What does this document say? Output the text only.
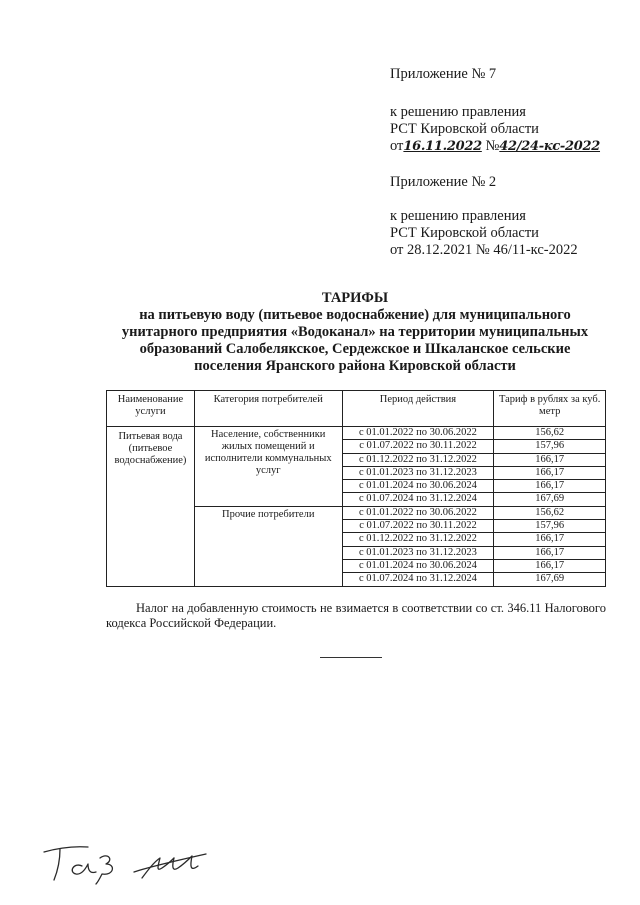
Приложение № 7
к решению правления
РСТ Кировской области
от16.11.2022 №42/24-кс-2022
Приложение № 2
к решению правления
РСТ Кировской области
от 28.12.2021 № 46/11-кс-2022
ТАРИФЫ
на питьевую воду (питьевое водоснабжение) для муниципального
унитарного предприятия «Водоканал» на территории муниципальных
образований Салобелякское, Сердежское и Шкаланское сельские
поселения Яранского района Кировской области
Наименование услуги	Категория потребителей	Период действия	Тариф в рублях за куб. метр
Питьевая вода (питьевое водоснабжение)	Население, собственники жилых помещений и исполнители коммунальных услуг	с 01.01.2022 по 30.06.2022	156,62
		с 01.07.2022 по 30.11.2022	157,96
		с 01.12.2022 по 31.12.2022	166,17
		с 01.01.2023 по 31.12.2023	166,17
		с 01.01.2024 по 30.06.2024	166,17
		с 01.07.2024 по 31.12.2024	167,69
	Прочие потребители	с 01.01.2022 по 30.06.2022	156,62
		с 01.07.2022 по 30.11.2022	157,96
		с 01.12.2022 по 31.12.2022	166,17
		с 01.01.2023 по 31.12.2023	166,17
		с 01.01.2024 по 30.06.2024	166,17
		с 01.07.2024 по 31.12.2024	167,69
Налог на добавленную стоимость не взимается в соответствии со ст. 346.11 Налогового кодекса Российской Федерации.
